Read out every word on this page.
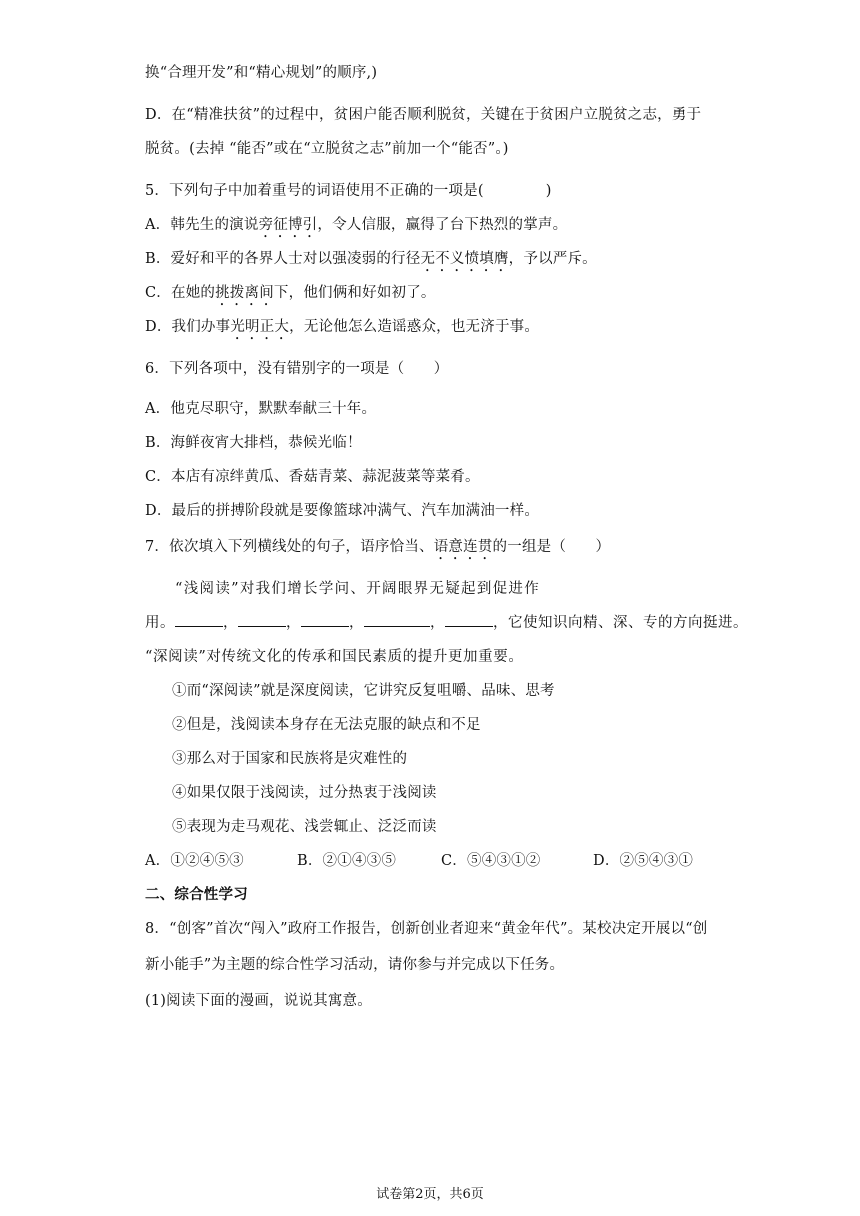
换“合理开发”和“精心规划”的顺序,)
D．在“精准扶贫”的过程中，贫困户能否顺利脱贫，关键在于贫困户立脱贫之志，勇于
脱贫。(去掉 “能否”或在“立脱贫之志”前加一个“能否”。)
5．下列句子中加着重号的词语使用不正确的一项是(	)
A．韩先生的演说旁征博引，令人信服，赢得了台下热烈的掌声。
B．爱好和平的各界人士对以强凌弱的行径无不义愤填膺，予以严斥。
C．在她的挑拨离间下，他们俩和好如初了。
D．我们办事光明正大，无论他怎么造谣惑众，也无济于事。
6．下列各项中，没有错别字的一项是（　　）
A．他克尽职守，默默奉献三十年。
B．海鲜夜宵大排档，恭候光临！
C．本店有凉绊黄瓜、香菇青菜、蒜泥菠菜等菜肴。
D．最后的拼搏阶段就是要像篮球冲满气、汽车加满油一样。
7．依次填入下列横线处的句子，语序恰当、语意连贯的一组是（　　）
“浅阅读”对我们增长学问、开阔眼界无疑起到促进作
用。	，	，	，	，	，它使知识向精、深、专的方向挺进。
“深阅读”对传统文化的传承和国民素质的提升更加重要。
①而“深阅读”就是深度阅读，它讲究反复咀嚼、品味、思考
②但是，浅阅读本身存在无法克服的缺点和不足
③那么对于国家和民族将是灾难性的
④如果仅限于浅阅读，过分热衷于浅阅读
⑤表现为走马观花、浅尝辄止、泛泛而读
A．①②④⑤③	B．②①④③⑤	C．⑤④③①②	D．②⑤④③①
二、综合性学习
8．“创客”首次“闯入”政府工作报告，创新创业者迎来“黄金年代”。某校决定开展以“创
新小能手”为主题的综合性学习活动，请你参与并完成以下任务。
(1)阅读下面的漫画，说说其寓意。
试卷第2页，共6页
